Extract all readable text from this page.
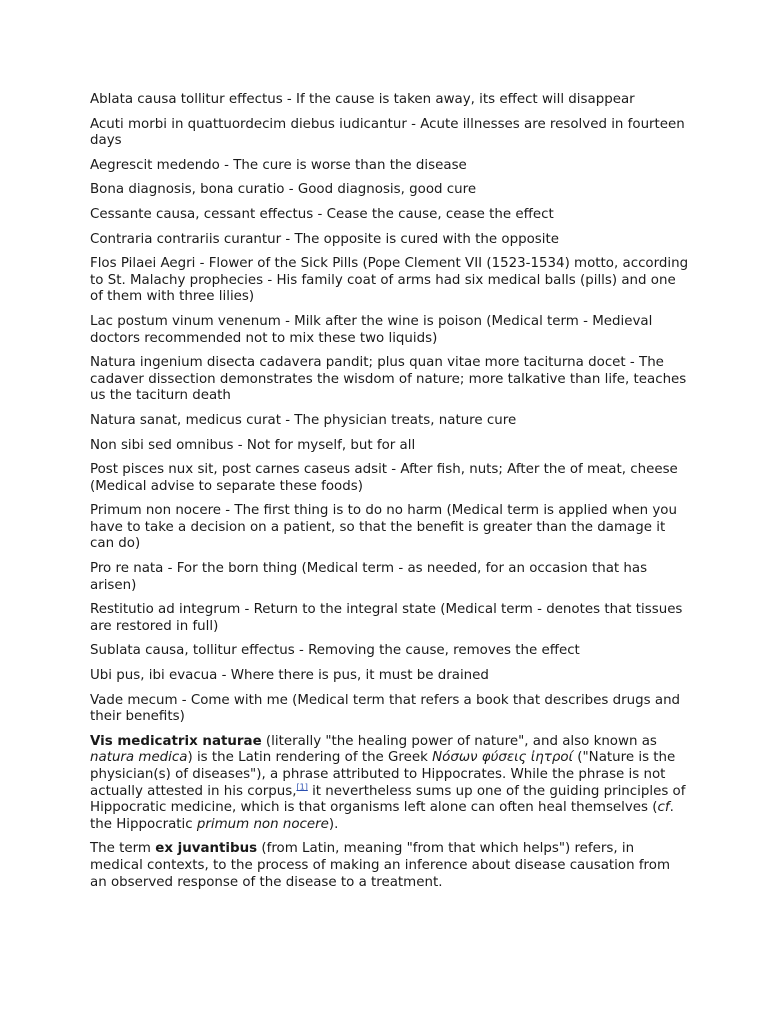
Ablata causa tollitur effectus - If the cause is taken away, its effect will disappear

Acuti morbi in quattuordecim diebus iudicantur - Acute illnesses are resolved in fourteen days

Aegrescit medendo - The cure is worse than the disease

Bona diagnosis, bona curatio - Good diagnosis, good cure

Cessante causa, cessant effectus - Cease the cause, cease the effect

Contraria contrariis curantur - The opposite is cured with the opposite

Flos Pilaei Aegri - Flower of the Sick Pills (Pope Clement VII (1523-1534) motto, according to St. Malachy prophecies - His family coat of arms had six medical balls (pills) and one of them with three lilies)

Lac postum vinum venenum - Milk after the wine is poison (Medical term - Medieval doctors recommended not to mix these two liquids)

Natura ingenium disecta cadavera pandit; plus quan vitae more taciturna docet - The cadaver dissection demonstrates the wisdom of nature; more talkative than life, teaches us the taciturn death

Natura sanat, medicus curat - The physician treats, nature cure

Non sibi sed omnibus - Not for myself, but for all

Post pisces nux sit, post carnes caseus adsit - After fish, nuts; After the of meat, cheese (Medical advise to separate these foods)

Primum non nocere - The first thing is to do no harm (Medical term is applied when you have to take a decision on a patient, so that the benefit is greater than the damage it can do)

Pro re nata - For the born thing (Medical term - as needed, for an occasion that has arisen)

Restitutio ad integrum - Return to the integral state (Medical term - denotes that tissues are restored in full)

Sublata causa, tollitur effectus - Removing the cause, removes the effect

Ubi pus, ibi evacua - Where there is pus, it must be drained

Vade mecum - Come with me (Medical term that refers a book that describes drugs and their benefits)

Vis medicatrix naturae (literally "the healing power of nature", and also known as natura medica) is the Latin rendering of the Greek Νόσων φύσεις ἰητροί ("Nature is the physician(s) of diseases"), a phrase attributed to Hippocrates. While the phrase is not actually attested in his corpus,[1] it nevertheless sums up one of the guiding principles of Hippocratic medicine, which is that organisms left alone can often heal themselves (cf. the Hippocratic primum non nocere).

The term ex juvantibus (from Latin, meaning "from that which helps") refers, in medical contexts, to the process of making an inference about disease causation from an observed response of the disease to a treatment.
